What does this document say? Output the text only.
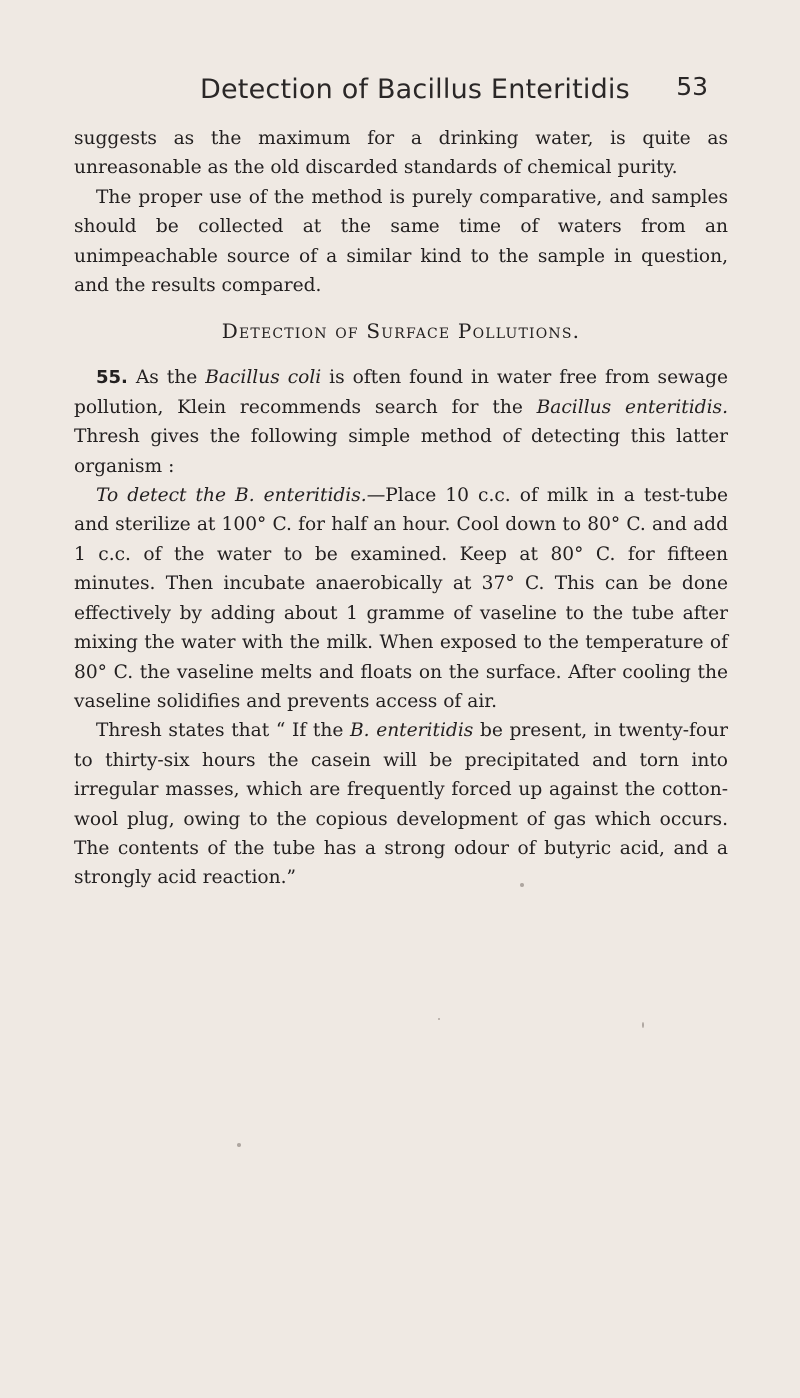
Detection of Bacillus Enteritidis 53

suggests as the maximum for a drinking water, is quite as unreasonable as the old discarded standards of chemical purity.

The proper use of the method is purely comparative, and samples should be collected at the same time of waters from an unimpeachable source of a similar kind to the sample in question, and the results compared.

Detection of Surface Pollutions.

55. As the Bacillus coli is often found in water free from sewage pollution, Klein recommends search for the Bacillus enteritidis. Thresh gives the following simple method of detecting this latter organism :

To detect the B. enteritidis.—Place 10 c.c. of milk in a test-tube and sterilize at 100° C. for half an hour. Cool down to 80° C. and add 1 c.c. of the water to be examined. Keep at 80° C. for fifteen minutes. Then incubate anaerobically at 37° C. This can be done effectively by adding about 1 gramme of vaseline to the tube after mixing the water with the milk. When exposed to the temperature of 80° C. the vaseline melts and floats on the surface. After cooling the vaseline solidifies and prevents access of air.

Thresh states that “ If the B. enteritidis be present, in twenty-four to thirty-six hours the casein will be precipitated and torn into irregular masses, which are frequently forced up against the cotton-wool plug, owing to the copious development of gas which occurs. The contents of the tube has a strong odour of butyric acid, and a strongly acid reaction.”
